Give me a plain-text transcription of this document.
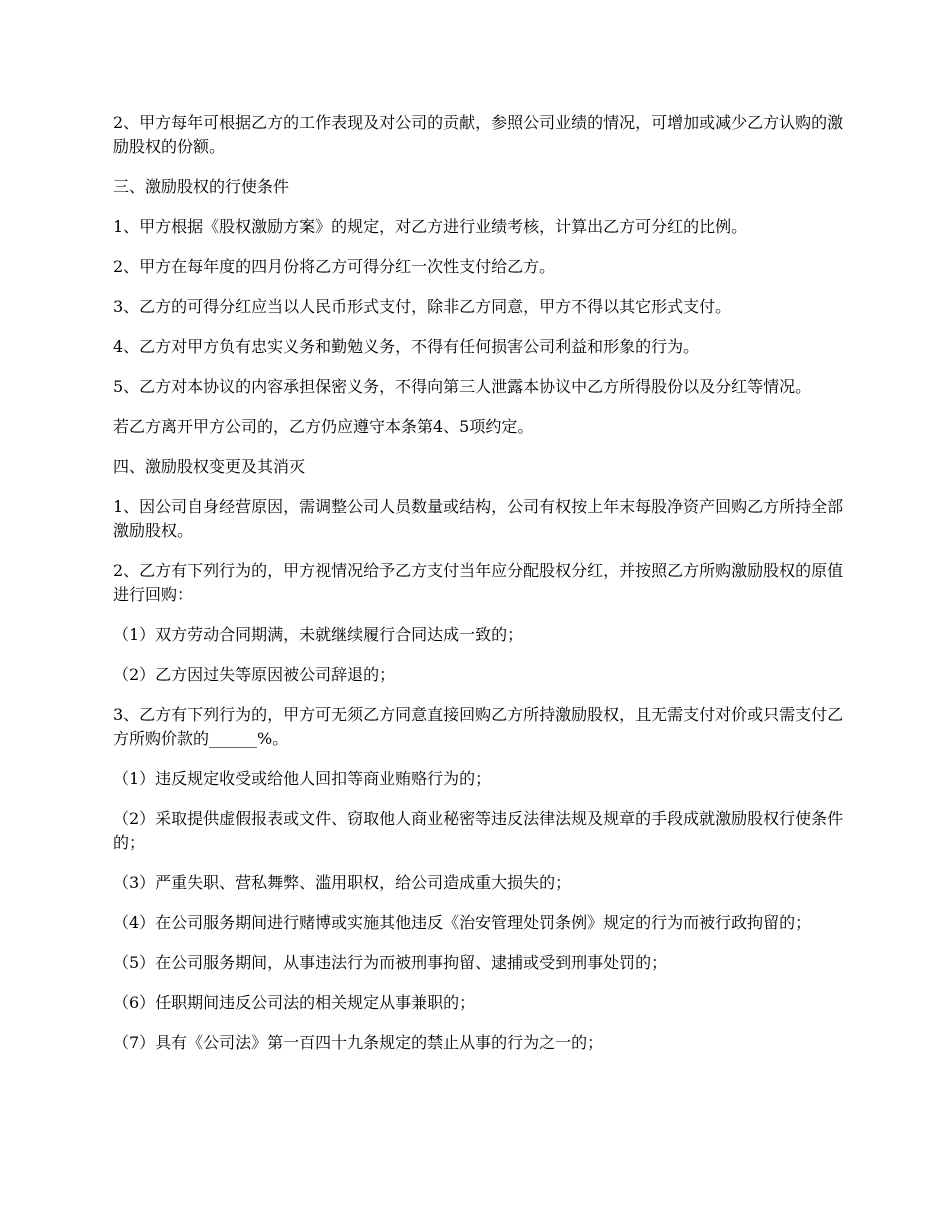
2、甲方每年可根据乙方的工作表现及对公司的贡献，参照公司业绩的情况，可增加或减少乙方认购的激励股权的份额。

三、激励股权的行使条件

1、甲方根据《股权激励方案》的规定，对乙方进行业绩考核，计算出乙方可分红的比例。

2、甲方在每年度的四月份将乙方可得分红一次性支付给乙方。

3、乙方的可得分红应当以人民币形式支付，除非乙方同意，甲方不得以其它形式支付。

4、乙方对甲方负有忠实义务和勤勉义务，不得有任何损害公司利益和形象的行为。

5、乙方对本协议的内容承担保密义务，不得向第三人泄露本协议中乙方所得股份以及分红等情况。

若乙方离开甲方公司的，乙方仍应遵守本条第4、5项约定。

四、激励股权变更及其消灭

1、因公司自身经营原因，需调整公司人员数量或结构，公司有权按上年末每股净资产回购乙方所持全部激励股权。

2、乙方有下列行为的，甲方视情况给予乙方支付当年应分配股权分红，并按照乙方所购激励股权的原值进行回购：

（1）双方劳动合同期满，未就继续履行合同达成一致的；

（2）乙方因过失等原因被公司辞退的；

3、乙方有下列行为的，甲方可无须乙方同意直接回购乙方所持激励股权，且无需支付对价或只需支付乙方所购价款的______%。

（1）违反规定收受或给他人回扣等商业贿赂行为的；

（2）采取提供虚假报表或文件、窃取他人商业秘密等违反法律法规及规章的手段成就激励股权行使条件的；

（3）严重失职、营私舞弊、滥用职权，给公司造成重大损失的；

（4）在公司服务期间进行赌博或实施其他违反《治安管理处罚条例》规定的行为而被行政拘留的；

（5）在公司服务期间，从事违法行为而被刑事拘留、逮捕或受到刑事处罚的；

（6）任职期间违反公司法的相关规定从事兼职的；

（7）具有《公司法》第一百四十九条规定的禁止从事的行为之一的；
